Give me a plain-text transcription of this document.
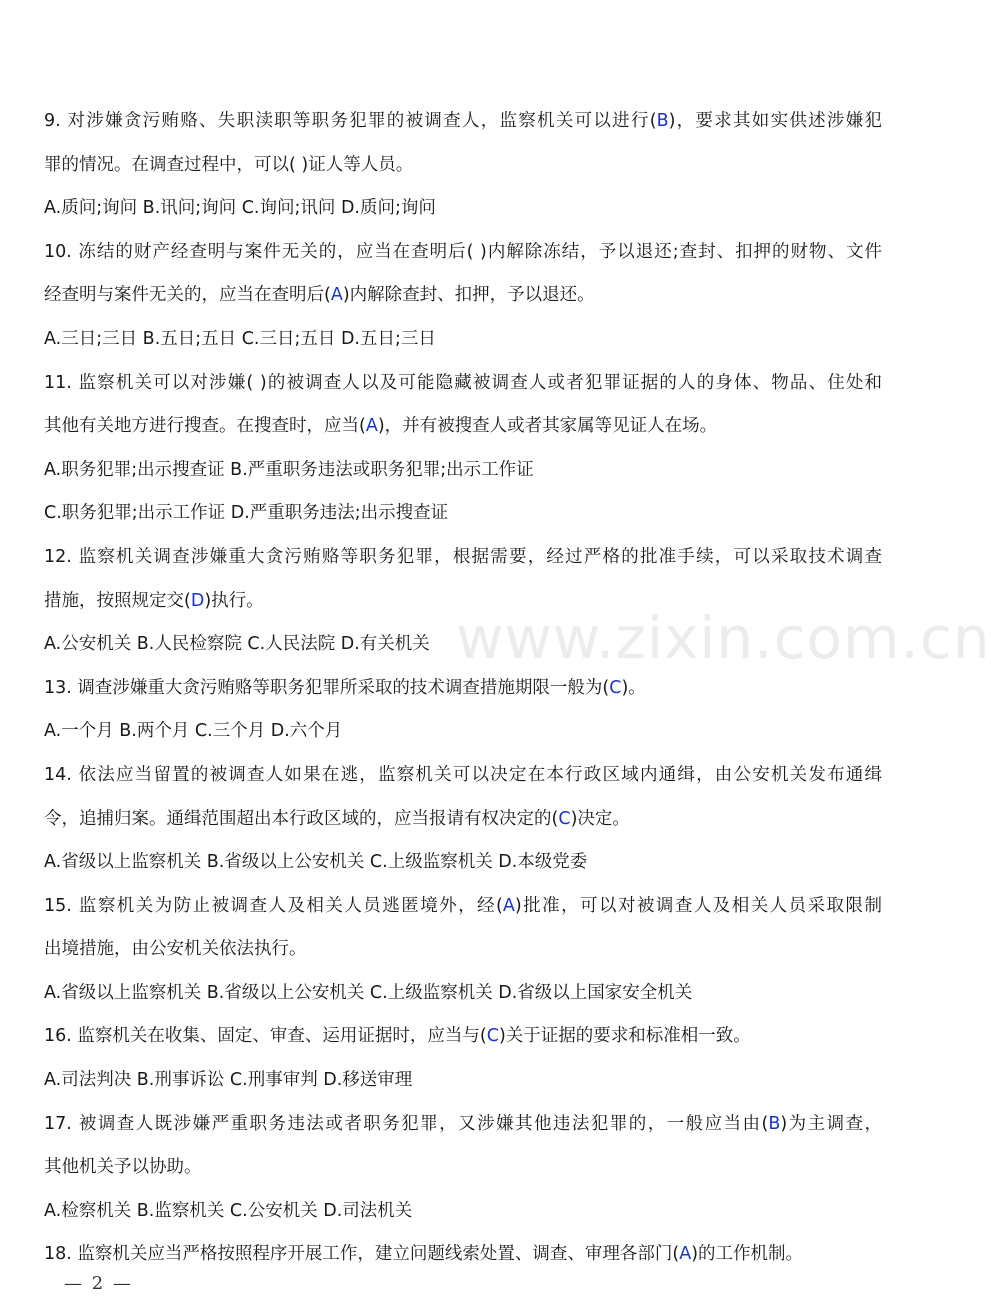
www.zixin.com.cn
9. 对涉嫌贪污贿赂、失职渎职等职务犯罪的被调查人，监察机关可以进行(B)，要求其如实供述涉嫌犯
罪的情况。在调查过程中，可以( )证人等人员。
A.质问;询问 B.讯问;询问 C.询问;讯问 D.质问;询问
10. 冻结的财产经查明与案件无关的，应当在查明后( )内解除冻结，予以退还;查封、扣押的财物、文件
经查明与案件无关的，应当在查明后(A)内解除查封、扣押，予以退还。
A.三日;三日 B.五日;五日 C.三日;五日 D.五日;三日
11. 监察机关可以对涉嫌( )的被调查人以及可能隐藏被调查人或者犯罪证据的人的身体、物品、住处和
其他有关地方进行搜查。在搜查时，应当(A)，并有被搜查人或者其家属等见证人在场。
A.职务犯罪;出示搜查证 B.严重职务违法或职务犯罪;出示工作证
C.职务犯罪;出示工作证 D.严重职务违法;出示搜查证
12. 监察机关调查涉嫌重大贪污贿赂等职务犯罪，根据需要，经过严格的批准手续，可以采取技术调查
措施，按照规定交(D)执行。
A.公安机关 B.人民检察院 C.人民法院 D.有关机关
13. 调查涉嫌重大贪污贿赂等职务犯罪所采取的技术调查措施期限一般为(C)。
A.一个月 B.两个月 C.三个月 D.六个月
14. 依法应当留置的被调查人如果在逃，监察机关可以决定在本行政区域内通缉，由公安机关发布通缉
令，追捕归案。通缉范围超出本行政区域的，应当报请有权决定的(C)决定。
A.省级以上监察机关 B.省级以上公安机关 C.上级监察机关 D.本级党委
15. 监察机关为防止被调查人及相关人员逃匿境外，经(A)批准，可以对被调查人及相关人员采取限制
出境措施，由公安机关依法执行。
A.省级以上监察机关 B.省级以上公安机关 C.上级监察机关 D.省级以上国家安全机关
16. 监察机关在收集、固定、审查、运用证据时，应当与(C)关于证据的要求和标准相一致。
A.司法判决 B.刑事诉讼 C.刑事审判 D.移送审理
17. 被调查人既涉嫌严重职务违法或者职务犯罪，又涉嫌其他违法犯罪的，一般应当由(B)为主调查，
其他机关予以协助。
A.检察机关 B.监察机关 C.公安机关 D.司法机关
18. 监察机关应当严格按照程序开展工作，建立问题线索处置、调查、审理各部门(A)的工作机制。
— 2 —
